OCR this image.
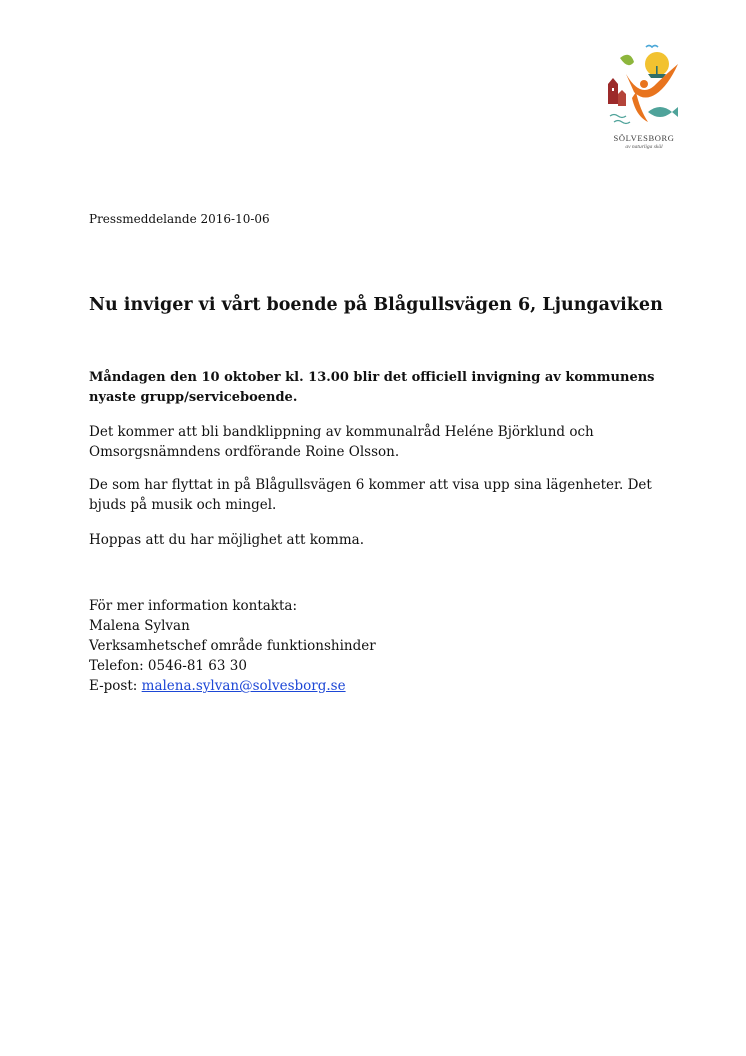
SÖLVESBORG
av naturliga skäl
Pressmeddelande 2016-10-06
Nu inviger vi vårt boende på Blågullsvägen 6, Ljungaviken

Måndagen den 10 oktober kl. 13.00 blir det officiell invigning av kommunens nyaste grupp/serviceboende.

Det kommer att bli bandklippning av kommunalråd Heléne Björklund och Omsorgsnämndens ordförande Roine Olsson.

De som har flyttat in på Blågullsvägen 6 kommer att visa upp sina lägenheter. Det bjuds på musik och mingel.

Hoppas att du har möjlighet att komma.

För mer information kontakta:
Malena Sylvan
Verksamhetschef område funktionshinder
Telefon: 0546-81 63 30
E-post: malena.sylvan@solvesborg.se
